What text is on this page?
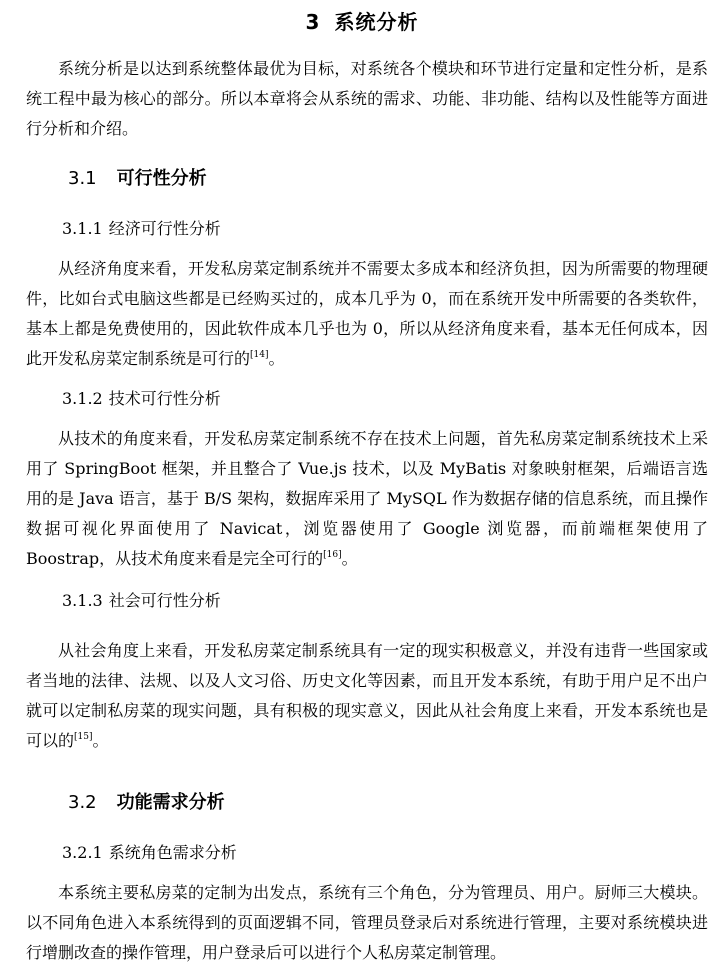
3 系统分析

系统分析是以达到系统整体最优为目标，对系统各个模块和环节进行定量和定性分析，是系统工程中最为核心的部分。所以本章将会从系统的需求、功能、非功能、结构以及性能等方面进行分析和介绍。

3.1 可行性分析
3.1.1 经济可行性分析

从经济角度来看，开发私房菜定制系统并不需要太多成本和经济负担，因为所需要的物理硬件，比如台式电脑这些都是已经购买过的，成本几乎为 0，而在系统开发中所需要的各类软件，基本上都是免费使用的，因此软件成本几乎也为 0，所以从经济角度来看，基本无任何成本，因此开发私房菜定制系统是可行的[14]。

3.1.2 技术可行性分析

从技术的角度来看，开发私房菜定制系统不存在技术上问题，首先私房菜定制系统技术上采用了 SpringBoot 框架，并且整合了 Vue.js 技术，以及 MyBatis 对象映射框架，后端语言选用的是 Java 语言，基于 B/S 架构，数据库采用了 MySQL 作为数据存储的信息系统，而且操作数据可视化界面使用了 Navicat，浏览器使用了 Google 浏览器，而前端框架使用了 Boostrap，从技术角度来看是完全可行的[16]。

3.1.3 社会可行性分析

从社会角度上来看，开发私房菜定制系统具有一定的现实积极意义，并没有违背一些国家或者当地的法律、法规、以及人文习俗、历史文化等因素，而且开发本系统，有助于用户足不出户就可以定制私房菜的现实问题，具有积极的现实意义，因此从社会角度上来看，开发本系统也是可以的[15]。

3.2 功能需求分析
3.2.1 系统角色需求分析

本系统主要私房菜的定制为出发点，系统有三个角色，分为管理员、用户。厨师三大模块。以不同角色进入本系统得到的页面逻辑不同，管理员登录后对系统进行管理，主要对系统模块进行增删改查的操作管理，用户登录后可以进行个人私房菜定制管理。
